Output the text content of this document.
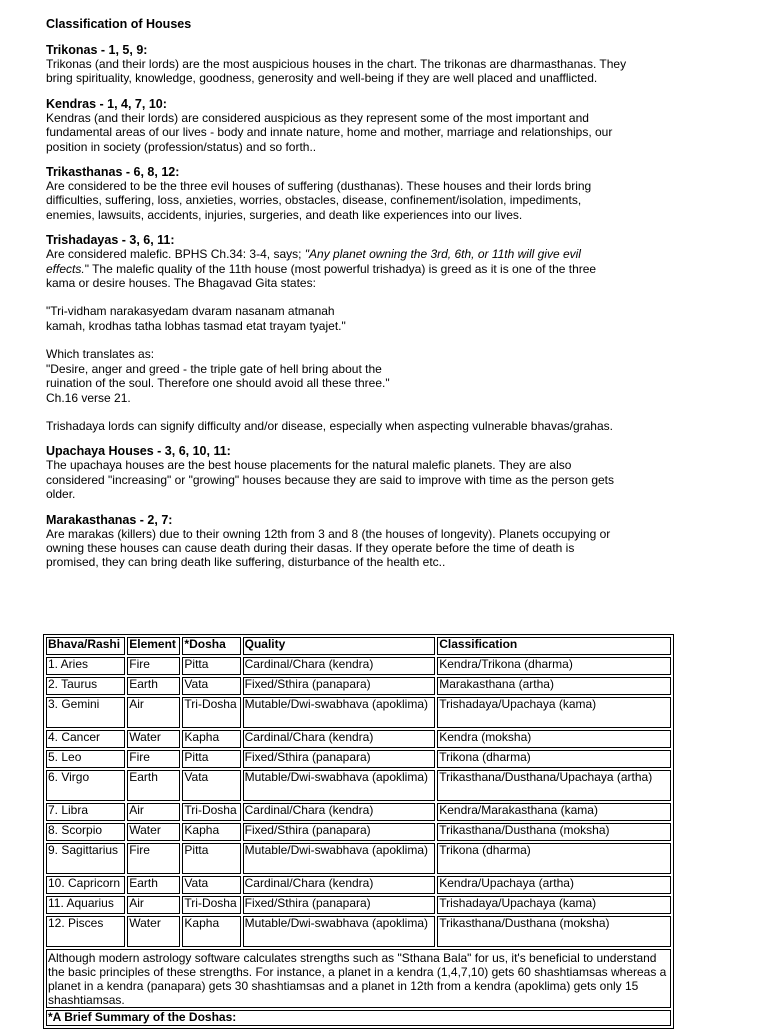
Classification of Houses
Trikonas - 1, 5, 9:

Trikonas (and their lords) are the most auspicious houses in the chart. The trikonas are dharmasthanas. They
bring spirituality, knowledge, goodness, generosity and well-being if they are well placed and unafflicted.

Kendras - 1, 4, 7, 10:

Kendras (and their lords) are considered auspicious as they represent some of the most important and
fundamental areas of our lives - body and innate nature, home and mother, marriage and relationships, our
position in society (profession/status) and so forth..

Trikasthanas - 6, 8, 12:

Are considered to be the three evil houses of suffering (dusthanas). These houses and their lords bring
difficulties, suffering, loss, anxieties, worries, obstacles, disease, confinement/isolation, impediments,
enemies, lawsuits, accidents, injuries, surgeries, and death like experiences into our lives.

Trishadayas - 3, 6, 11:

Are considered malefic. BPHS Ch.34: 3-4, says; "Any planet owning the 3rd, 6th, or 11th will give evil
effects." The malefic quality of the 11th house (most powerful trishadya) is greed as it is one of the three
kama or desire houses. The Bhagavad Gita states:

"Tri-vidham narakasyedam dvaram nasanam atmanah
kamah, krodhas tatha lobhas tasmad etat trayam tyajet."

Which translates as:
"Desire, anger and greed - the triple gate of hell bring about the
ruination of the soul. Therefore one should avoid all these three."
Ch.16 verse 21.

Trishadaya lords can signify difficulty and/or disease, especially when aspecting vulnerable bhavas/grahas.

Upachaya Houses - 3, 6, 10, 11:

The upachaya houses are the best house placements for the natural malefic planets. They are also
considered "increasing" or "growing" houses because they are said to improve with time as the person gets
older.

Marakasthanas - 2, 7:

Are marakas (killers) due to their owning 12th from 3 and 8 (the houses of longevity). Planets occupying or
owning these houses can cause death during their dasas. If they operate before the time of death is
promised, they can bring death like suffering, disturbance of the health etc..

Bhava/Rashi	Element	*Dosha	Quality	Classification
1. Aries	Fire	Pitta	Cardinal/Chara (kendra)	Kendra/Trikona (dharma)
2. Taurus	Earth	Vata	Fixed/Sthira (panapara)	Marakasthana (artha)
3. Gemini	Air	Tri-Dosha	Mutable/Dwi-swabhava (apoklima)	Trishadaya/Upachaya (kama)
4. Cancer	Water	Kapha	Cardinal/Chara (kendra)	Kendra (moksha)
5. Leo	Fire	Pitta	Fixed/Sthira (panapara)	Trikona (dharma)
6. Virgo	Earth	Vata	Mutable/Dwi-swabhava (apoklima)	Trikasthana/Dusthana/Upachaya (artha)
7. Libra	Air	Tri-Dosha	Cardinal/Chara (kendra)	Kendra/Marakasthana (kama)
8. Scorpio	Water	Kapha	Fixed/Sthira (panapara)	Trikasthana/Dusthana (moksha)
9. Sagittarius	Fire	Pitta	Mutable/Dwi-swabhava (apoklima)	Trikona (dharma)
10. Capricorn	Earth	Vata	Cardinal/Chara (kendra)	Kendra/Upachaya (artha)
11. Aquarius	Air	Tri-Dosha	Fixed/Sthira (panapara)	Trishadaya/Upachaya (kama)
12. Pisces	Water	Kapha	Mutable/Dwi-swabhava (apoklima)	Trikasthana/Dusthana (moksha)
Although modern astrology software calculates strengths such as "Sthana Bala" for us, it's beneficial to understand the basic principles of these strengths. For instance, a planet in a kendra (1,4,7,10) gets 60 shashtiamsas whereas a planet in a kendra (panapara) gets 30 shashtiamsas and a planet in 12th from a kendra (apoklima) gets only 15 shashtiamsas.				
*A Brief Summary of the Doshas:				
